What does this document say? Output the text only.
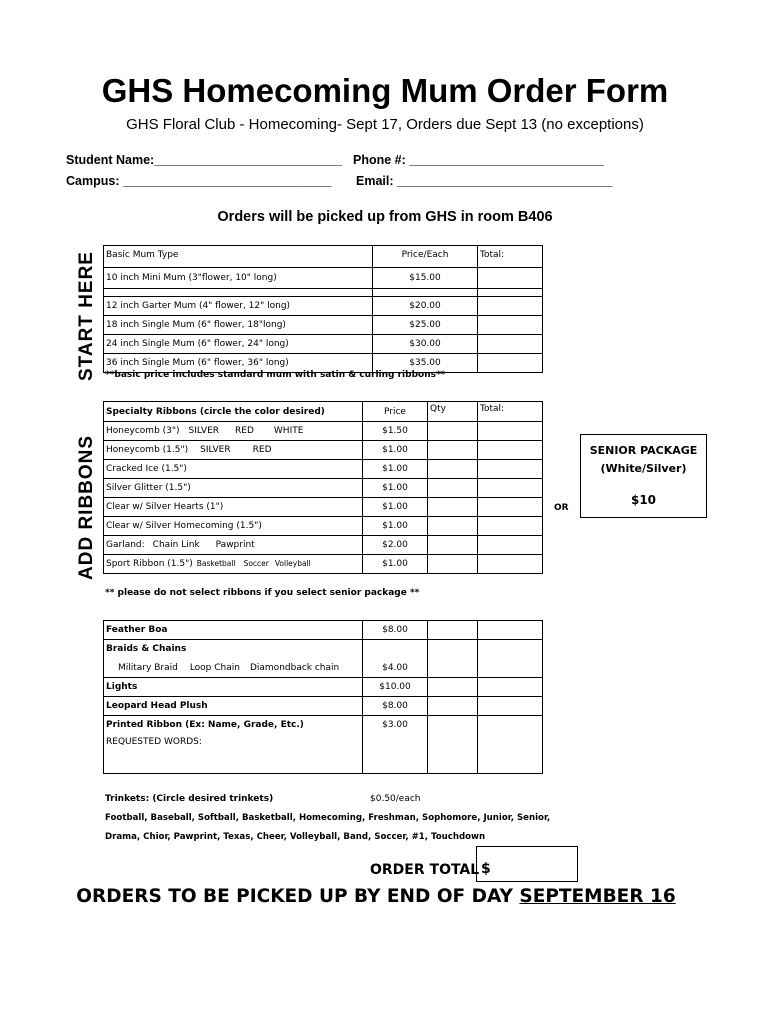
GHS Homecoming Mum Order Form
GHS Floral Club - Homecoming- Sept 17, Orders due Sept 13 (no exceptions)
Student Name:___________________________ Phone #: ____________________________
Campus: ______________________________ Email: _______________________________
Orders will be picked up from GHS in room B406
START HERE
ADD RIBBONS
Basic Mum Type	Price/Each	Total:
10 inch Mini Mum (3"flower, 10" long)	$15.00	

12 inch Garter Mum (4" flower, 12" long)	$20.00	
18 inch Single Mum (6" flower, 18"long)	$25.00	
24 inch Single Mum (6" flower, 24" long)	$30.00	
36 inch Single Mum (6" flower, 36" long)	$35.00	
**basic price includes standard mum with satin & curling ribbons**
Specialty Ribbons (circle the color desired)	Price	Qty	Total:
Honeycomb (3") SILVER RED WHITE	$1.50		
Honeycomb (1.5") SILVER RED	$1.00		
Cracked Ice (1.5")	$1.00		
Silver Glitter (1.5")	$1.00		
Clear w/ Silver Hearts (1")	$1.00		
Clear w/ Silver Homecoming (1.5")	$1.00		
Garland: Chain Link Pawprint	$2.00		
Sport Ribbon (1.5") Basketball Soccer Volleyball	$1.00		
** please do not select ribbons if you select senior package **
OR
SENIOR PACKAGE
(White/Silver)
$10
Feather Boa	$8.00		
Braids & Chains			
Military Braid Loop Chain Diamondback chain	$4.00		
Lights	$10.00		
Leopard Head Plush	$8.00		
Printed Ribbon (Ex: Name, Grade, Etc.)	$3.00		
REQUESTED WORDS:			
Trinkets: (Circle desired trinkets)	$0.50/each
Football, Baseball, Softball, Basketball, Homecoming, Freshman, Sophomore, Junior, Senior,
Drama, Chior, Pawprint, Texas, Cheer, Volleyball, Band, Soccer, #1, Touchdown
ORDER TOTAL $
ORDERS TO BE PICKED UP BY END OF DAY SEPTEMBER 16
